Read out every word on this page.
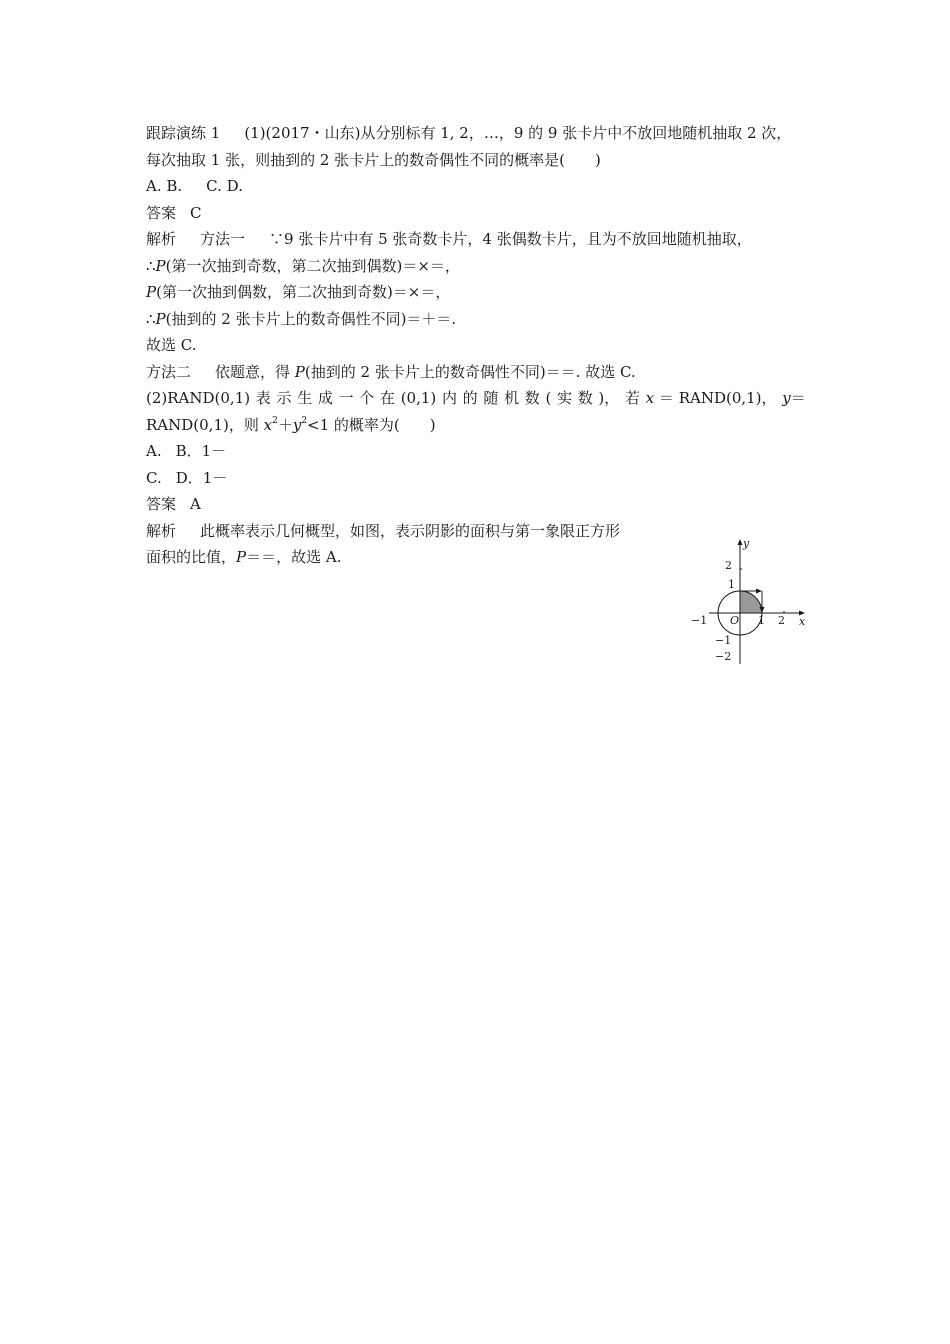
跟踪演练 1 (1)(2017・山东)从分别标有 1, 2，…，9 的 9 张卡片中不放回地随机抽取 2 次，
每次抽取 1 张，则抽到的 2 张卡片上的数奇偶性不同的概率是(　　)
A. B. C. D.
答案 C
解析 方法一 ∵9 张卡片中有 5 张奇数卡片，4 张偶数卡片，且为不放回地随机抽取，
∴P(第一次抽到奇数，第二次抽到偶数)＝×＝，
P(第一次抽到偶数，第二次抽到奇数)＝×＝，
∴P(抽到的 2 张卡片上的数奇偶性不同)＝＋＝.
故选 C.
方法二 依题意，得 P(抽到的 2 张卡片上的数奇偶性不同)＝＝. 故选 C.
(2)RAND(0,1) 表 示 生 成 一 个 在 (0,1) 内 的 随 机 数 ( 实 数 )， 若 x ＝ RAND(0,1)， y＝
RAND(0,1)，则 $x^2+y^2<1$ 的概率为(　　)
A. B．1－
C. D．1－
答案 A
解析 此概率表示几何概型，如图，表示阴影的面积与第一象限正方形
面积的比值，P＝＝，故选 A.	2
1
y
−1 O 1 2 x
−1
−2
